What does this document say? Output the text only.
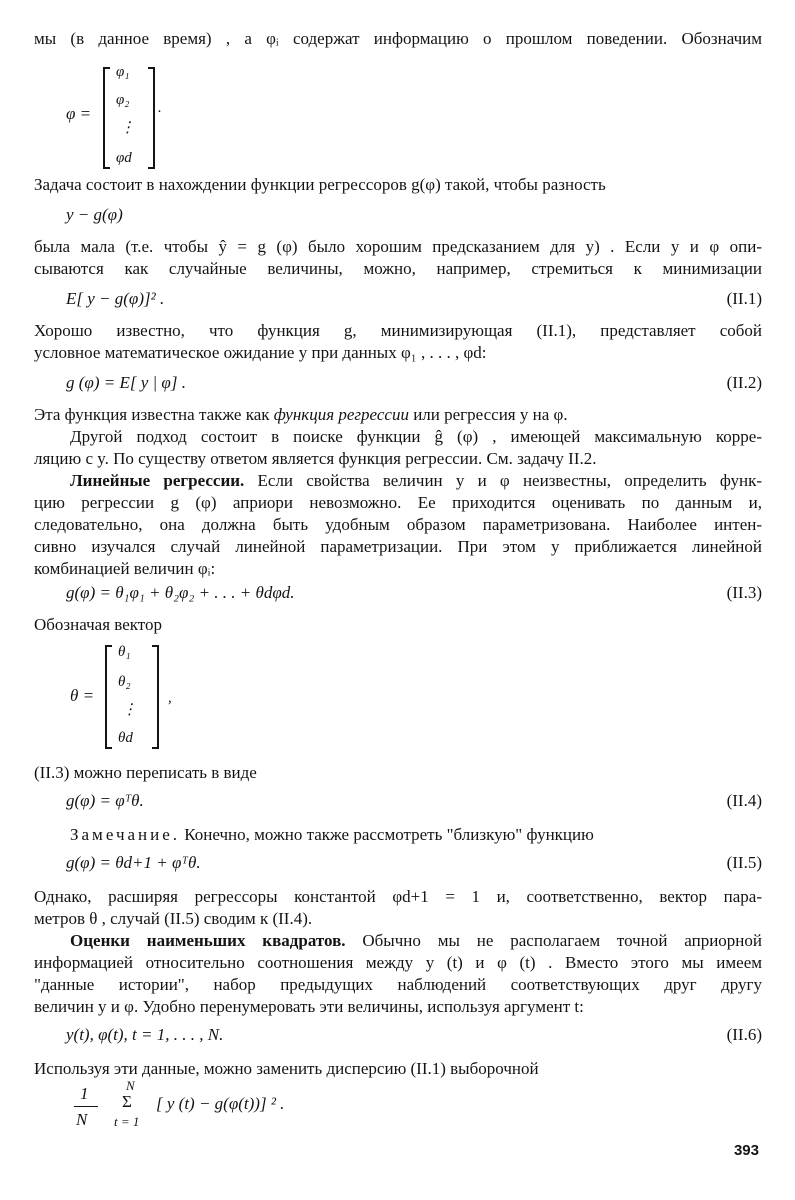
мы (в данное время) , а φᵢ содержат информацию о прошлом поведении. Обозначим
φ =
φ₁
φ₂
⋮
φd
.
Задача состоит в нахождении функции регрессоров g(φ) такой, чтобы разность
y − g(φ)
была мала (т.е. чтобы ŷ = g (φ) было хорошим предсказанием для y) . Если y и φ опи-
сываются как случайные величины, можно, например, стремиться к минимизации
E[ y − g(φ)]² .	(II.1)
Хорошо известно, что функция g, минимизирующая (II.1), представляет собой
условное математическое ожидание y при данных φ₁ , . . . , φd:
g (φ) = E[ y | φ] .	(II.2)
Эта функция известна также как функция регрессии или регрессия y на φ.
Другой подход состоит в поиске функции ĝ (φ) , имеющей максимальную корре-
ляцию с y. По существу ответом является функция регрессии. См. задачу II.2.
Линейные регрессии. Если свойства величин y и φ неизвестны, определить функ-
цию регрессии g (φ) априори невозможно. Ее приходится оценивать по данным и,
следовательно, она должна быть удобным образом параметризована. Наиболее интен-
сивно изучался случай линейной параметризации. При этом y приближается линейной
комбинацией величин φᵢ:
g(φ) = θ₁φ₁ + θ₂φ₂ + . . . + θdφd.	(II.3)
Обозначая вектор
θ =
θ₁
θ₂
⋮
θd
,
(II.3) можно переписать в виде
g(φ) = φᵀθ.	(II.4)
Замечание. Конечно, можно также рассмотреть "близкую" функцию
g(φ) = θd+1 + φᵀθ.	(II.5)
Однако, расширяя регрессоры константой φd+1 = 1 и, соответственно, вектор пара-
метров θ , случай (II.5) сводим к (II.4).
Оценки наименьших квадратов. Обычно мы не располагаем точной априорной
информацией относительно соотношения между y (t) и φ (t) . Вместо этого мы имеем
"данные истории", набор предыдущих наблюдений соответствующих друг другу
величин y и φ. Удобно перенумеровать эти величины, используя аргумент t:
y(t), φ(t), t = 1, . . . , N.	(II.6)
Используя эти данные, можно заменить дисперсию (II.1) выборочной
1
N
N
Σ
t = 1
[ y (t) − g(φ(t))] ² .
393
